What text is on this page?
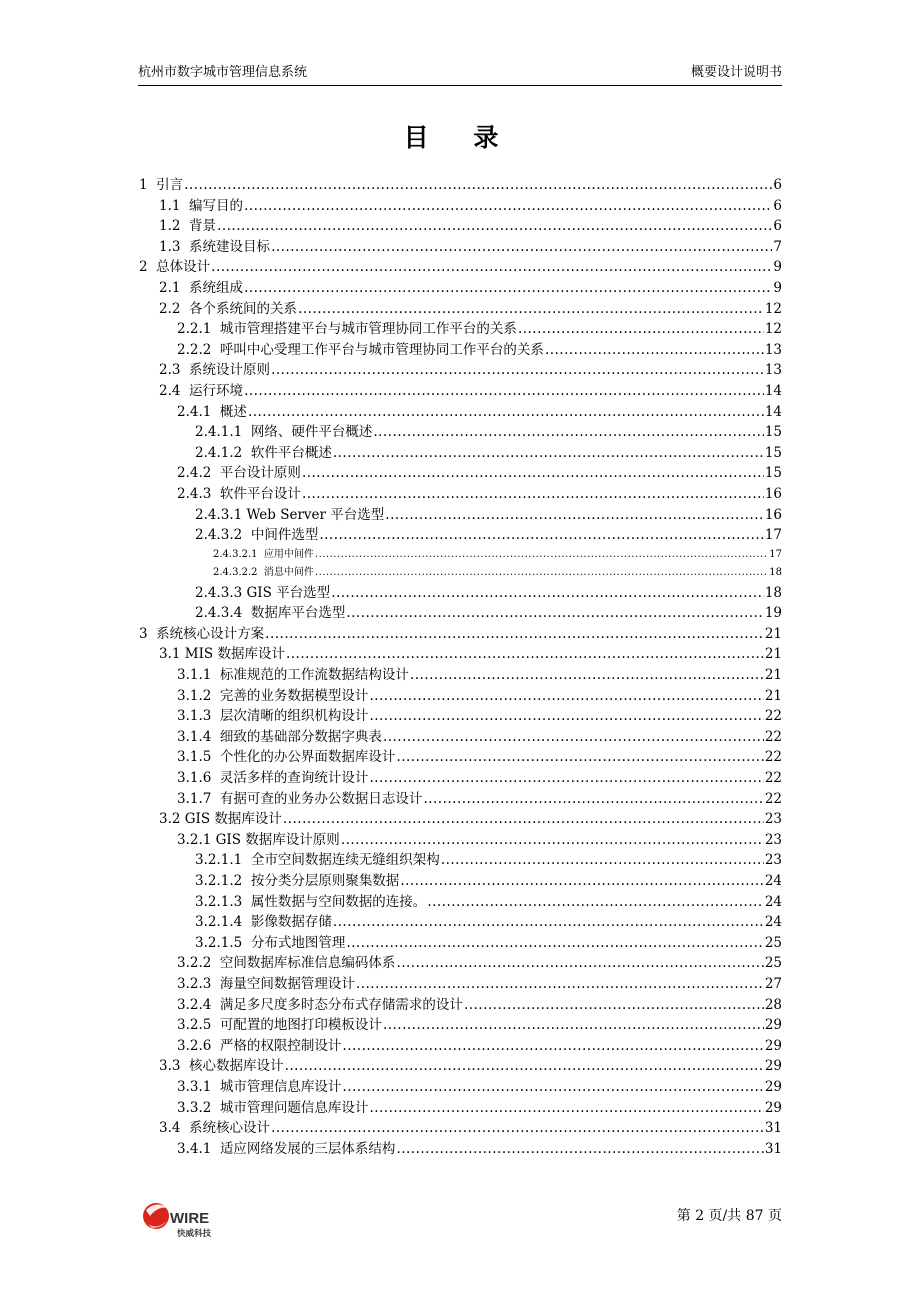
杭州市数字城市管理信息系统	概要设计说明书
目 录
1  引言 .....	6
1.1  编写目的 .....	6
1.2  背景 .....	6
1.3  系统建设目标 .....	7
2  总体设计 .....	9
2.1  系统组成 .....	9
2.2  各个系统间的关系 .....	12
2.2.1  城市管理搭建平台与城市管理协同工作平台的关系 .....	12
2.2.2  呼叫中心受理工作平台与城市管理协同工作平台的关系 .....	13
2.3  系统设计原则 .....	13
2.4  运行环境 .....	14
2.4.1  概述 .....	14
2.4.1.1  网络、硬件平台概述 .....	15
2.4.1.2  软件平台概述 .....	15
2.4.2  平台设计原则 .....	15
2.4.3  软件平台设计 .....	16
2.4.3.1 Web Server 平台选型 .....	16
2.4.3.2  中间件选型 .....	17
2.4.3.2.1  应用中间件 .....	17
2.4.3.2.2  消息中间件 .....	18
2.4.3.3 GIS 平台选型 .....	18
2.4.3.4  数据库平台选型 .....	19
3  系统核心设计方案 .....	21
3.1 MIS 数据库设计 .....	21
3.1.1  标准规范的工作流数据结构设计 .....	21
3.1.2  完善的业务数据模型设计 .....	21
3.1.3  层次清晰的组织机构设计 .....	22
3.1.4  细致的基础部分数据字典表 .....	22
3.1.5  个性化的办公界面数据库设计 .....	22
3.1.6  灵活多样的查询统计设计 .....	22
3.1.7  有据可查的业务办公数据日志设计 .....	22
3.2 GIS 数据库设计 .....	23
3.2.1 GIS 数据库设计原则 .....	23
3.2.1.1  全市空间数据连续无缝组织架构 .....	23
3.2.1.2  按分类分层原则聚集数据 .....	24
3.2.1.3  属性数据与空间数据的连接。 .....	24
3.2.1.4  影像数据存储 .....	24
3.2.1.5  分布式地图管理 .....	25
3.2.2  空间数据库标准信息编码体系 .....	25
3.2.3  海量空间数据管理设计 .....	27
3.2.4  满足多尺度多时态分布式存储需求的设计 .....	28
3.2.5  可配置的地图打印模板设计 .....	29
3.2.6  严格的权限控制设计 .....	29
3.3  核心数据库设计 .....	29
3.3.1  城市管理信息库设计 .....	29
3.3.2  城市管理问题信息库设计 .....	29
3.4  系统核心设计 .....	31
3.4.1  适应网络发展的三层体系结构 .....	31
WIRE
快威科技
第 2 页/共 87 页
